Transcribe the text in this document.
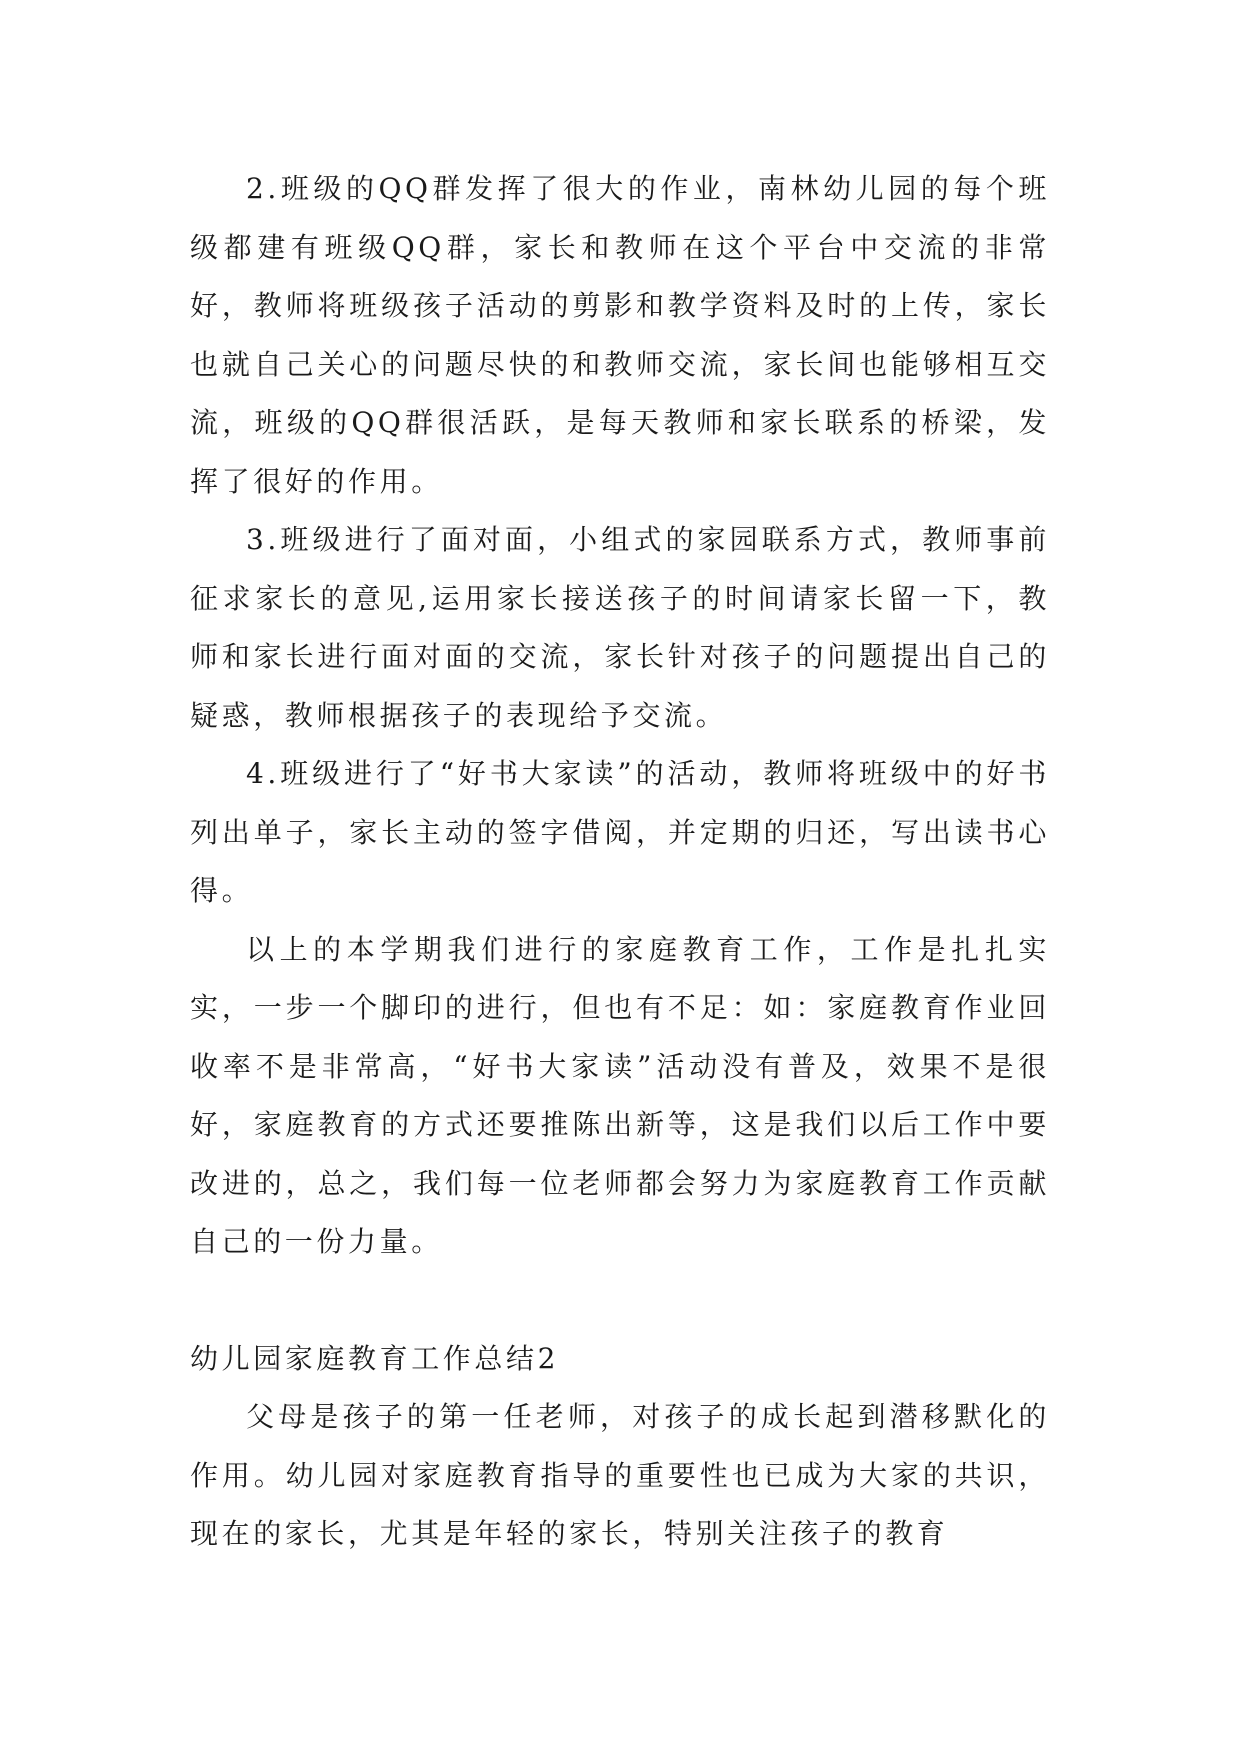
2.班级的QQ群发挥了很大的作业，南林幼儿园的每个班级都建有班级QQ群，家长和教师在这个平台中交流的非常好，教师将班级孩子活动的剪影和教学资料及时的上传，家长也就自己关心的问题尽快的和教师交流，家长间也能够相互交流，班级的QQ群很活跃，是每天教师和家长联系的桥梁，发挥了很好的作用。

3.班级进行了面对面，小组式的家园联系方式，教师事前征求家长的意见,运用家长接送孩子的时间请家长留一下，教师和家长进行面对面的交流，家长针对孩子的问题提出自己的疑惑，教师根据孩子的表现给予交流。

4.班级进行了“好书大家读”的活动，教师将班级中的好书列出单子，家长主动的签字借阅，并定期的归还，写出读书心得。

以上的本学期我们进行的家庭教育工作，工作是扎扎实实，一步一个脚印的进行，但也有不足：如：家庭教育作业回收率不是非常高，“好书大家读”活动没有普及，效果不是很好，家庭教育的方式还要推陈出新等，这是我们以后工作中要改进的，总之，我们每一位老师都会努力为家庭教育工作贡献自己的一份力量。

幼儿园家庭教育工作总结2

父母是孩子的第一任老师，对孩子的成长起到潜移默化的作用。幼儿园对家庭教育指导的重要性也已成为大家的共识，现在的家长，尤其是年轻的家长，特别关注孩子的教育
